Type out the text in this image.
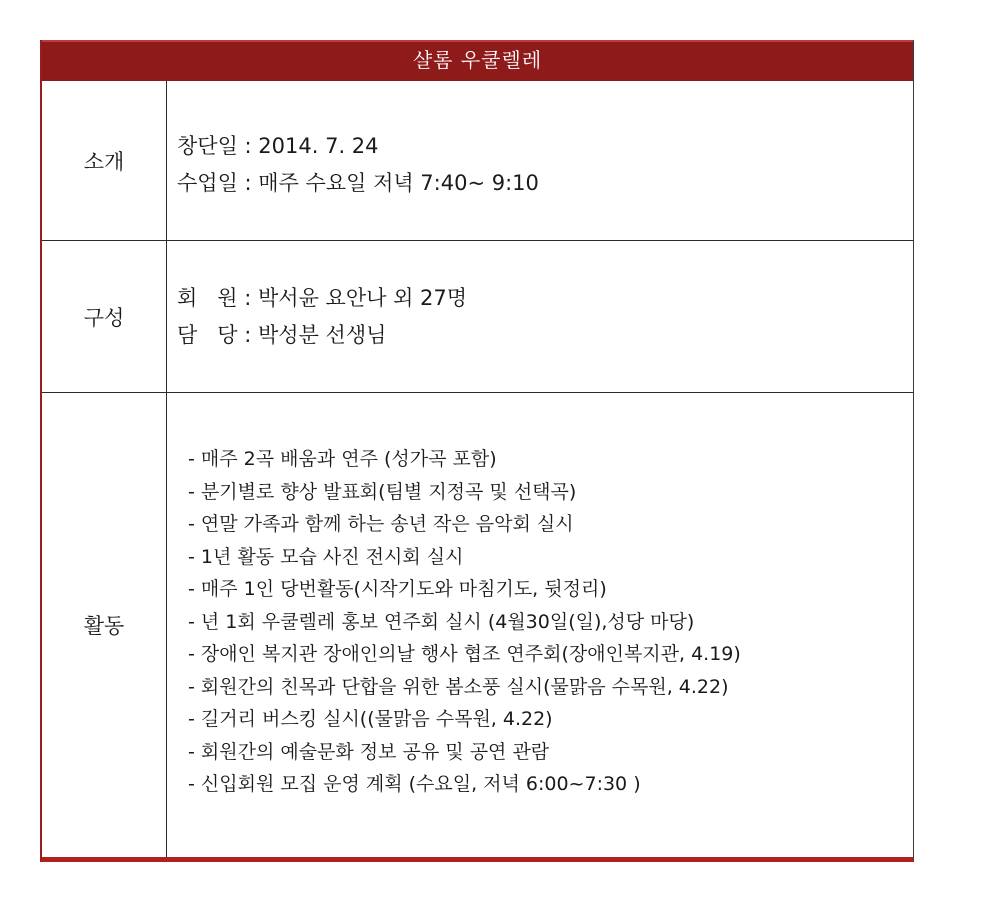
샬롬 우쿨렐레
소개
창단일 : 2014. 7. 24
수업일 : 매주 수요일 저녁 7:40~ 9:10
구성
회   원 : 박서윤 요안나 외 27명
담   당 : 박성분 선생님
활동
- 매주 2곡 배움과 연주 (성가곡 포함)
- 분기별로 향상 발표회(팀별 지정곡 및 선택곡)
- 연말 가족과 함께 하는 송년 작은 음악회 실시
- 1년 활동 모습 사진 전시회 실시
- 매주 1인 당번활동(시작기도와 마침기도, 뒷정리)
- 년 1회 우쿨렐레 홍보 연주회 실시 (4월30일(일),성당 마당)
- 장애인 복지관 장애인의날 행사 협조 연주회(장애인복지관, 4.19)
- 회원간의 친목과 단합을 위한 봄소풍 실시(물맑음 수목원, 4.22)
- 길거리 버스킹 실시((물맑음 수목원, 4.22)
- 회원간의 예술문화 정보 공유 및 공연 관람
- 신입회원 모집 운영 계획 (수요일, 저녁 6:00~7:30 )
